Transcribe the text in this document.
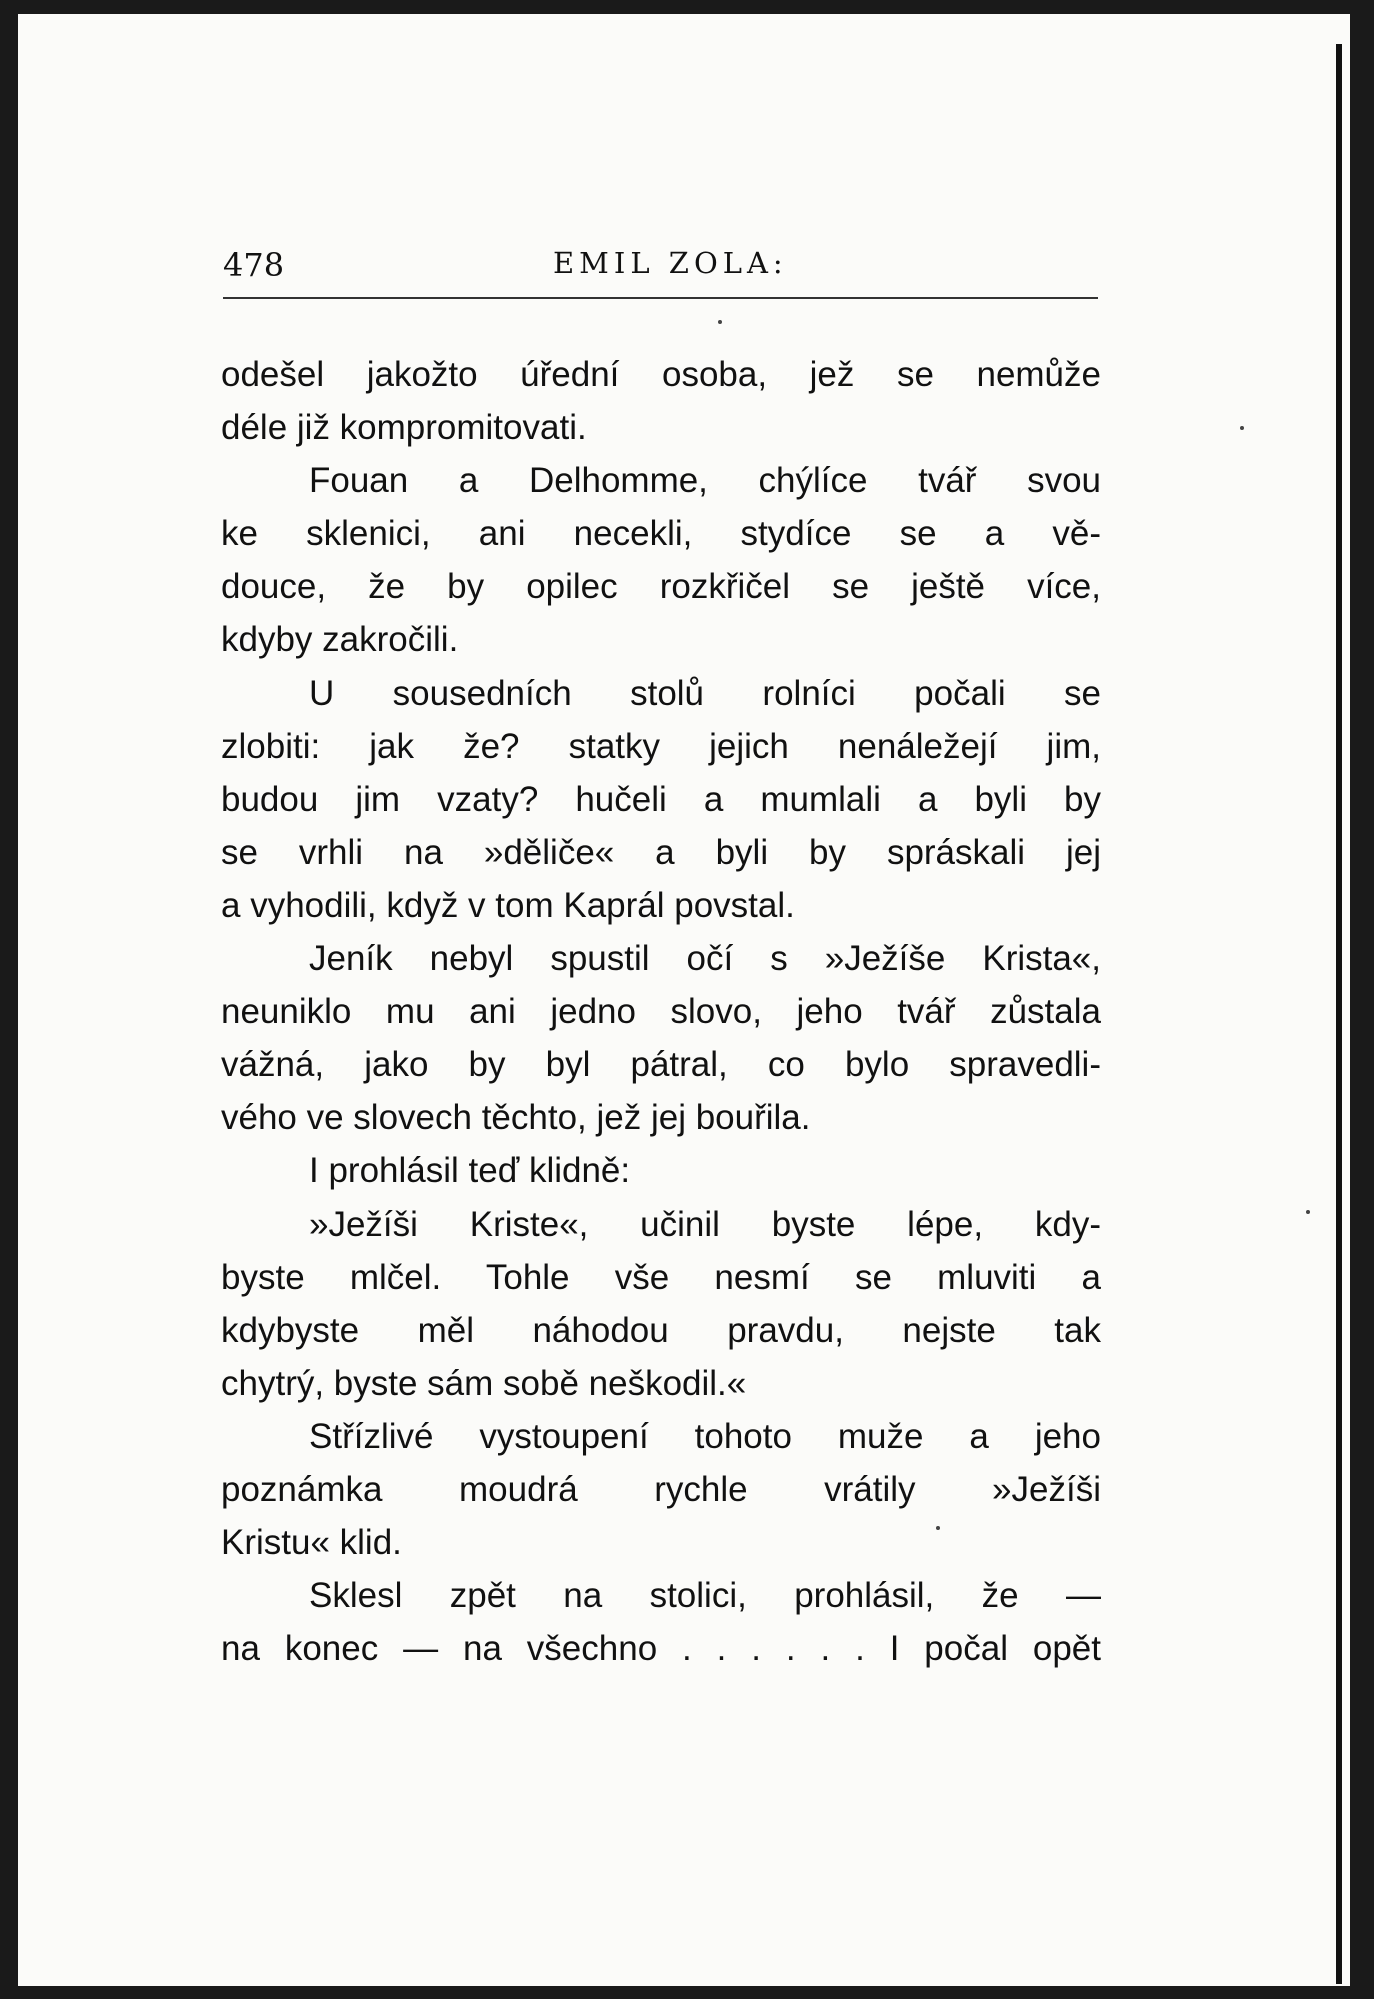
478	EMIL ZOLA:
odešel jakožto úřední osoba, jež se nemůže
déle již kompromitovati.
Fouan a Delhomme, chýlíce tvář svou
ke sklenici, ani necekli, stydíce se a vě-
douce, že by opilec rozkřičel se ještě více,
kdyby zakročili.
U sousedních stolů rolníci počali se
zlobiti: jak že? statky jejich nenáležejí jim,
budou jim vzaty? hučeli a mumlali a byli by
se vrhli na »děliče« a byli by spráskali jej
a vyhodili, když v tom Kaprál povstal.
Jeník nebyl spustil očí s »Ježíše Krista«,
neuniklo mu ani jedno slovo, jeho tvář zůstala
vážná, jako by byl pátral, co bylo spravedli-
vého ve slovech těchto, jež jej bouřila.
I prohlásil teď klidně:
»Ježíši Kriste«, učinil byste lépe, kdy-
byste mlčel. Tohle vše nesmí se mluviti a
kdybyste měl náhodou pravdu, nejste tak
chytrý, byste sám sobě neškodil.«
Střízlivé vystoupení tohoto muže a jeho
poznámka moudrá rychle vrátily »Ježíši
Kristu« klid.
Sklesl zpět na stolici, prohlásil, že —
na konec — na všechno . . . . . . I počal opět
